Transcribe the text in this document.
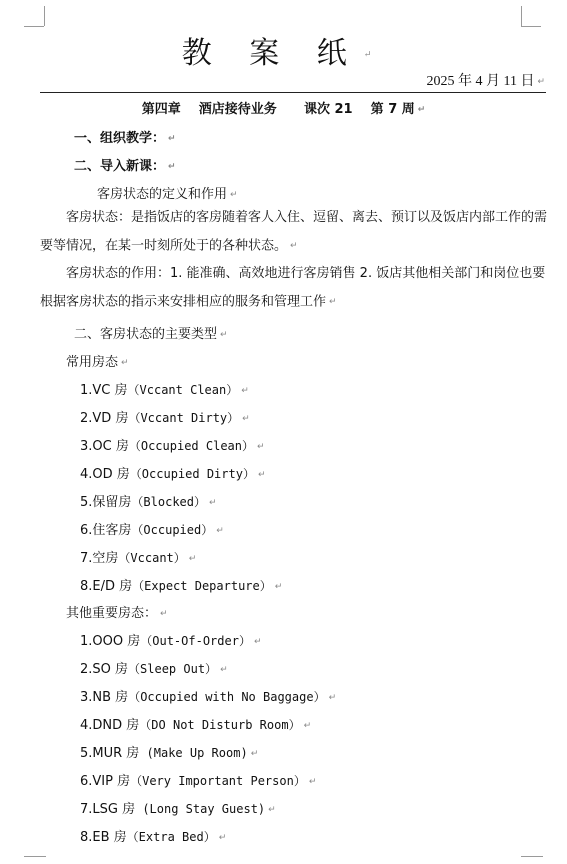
教 案 纸 ↵
2025 年 4 月 11 日 ↵
第四章    酒店接待业务      课次 21    第 7 周 ↵
一、组织教学： ↵
二、导入新课： ↵
客房状态的定义和作用 ↵
客房状态：是指饭店的客房随着客人入住、逗留、离去、预订以及饭店内部工作的需要等情况，在某一时刻所处于的各种状态。 ↵
客房状态的作用：1. 能准确、高效地进行客房销售 2. 饭店其他相关部门和岗位也要根据客房状态的指示来安排相应的服务和管理工作 ↵
二、客房状态的主要类型 ↵
常用房态 ↵
1.VC 房（Vccant Clean） ↵
2.VD 房（Vccant Dirty） ↵
3.OC 房（Occupied Clean） ↵
4.OD 房（Occupied Dirty） ↵
5.保留房（Blocked） ↵
6.住客房（Occupied） ↵
7.空房（Vccant） ↵
8.E/D 房（Expect Departure） ↵
其他重要房态： ↵
1.OOO 房（Out-Of-Order） ↵
2.SO 房（Sleep Out） ↵
3.NB 房（Occupied with No Baggage） ↵
4.DND 房（DO Not Disturb Room） ↵
5.MUR 房 (Make Up Room) ↵
6.VIP 房（Very Important Person） ↵
7.LSG 房 (Long Stay Guest) ↵
8.EB 房（Extra Bed） ↵
